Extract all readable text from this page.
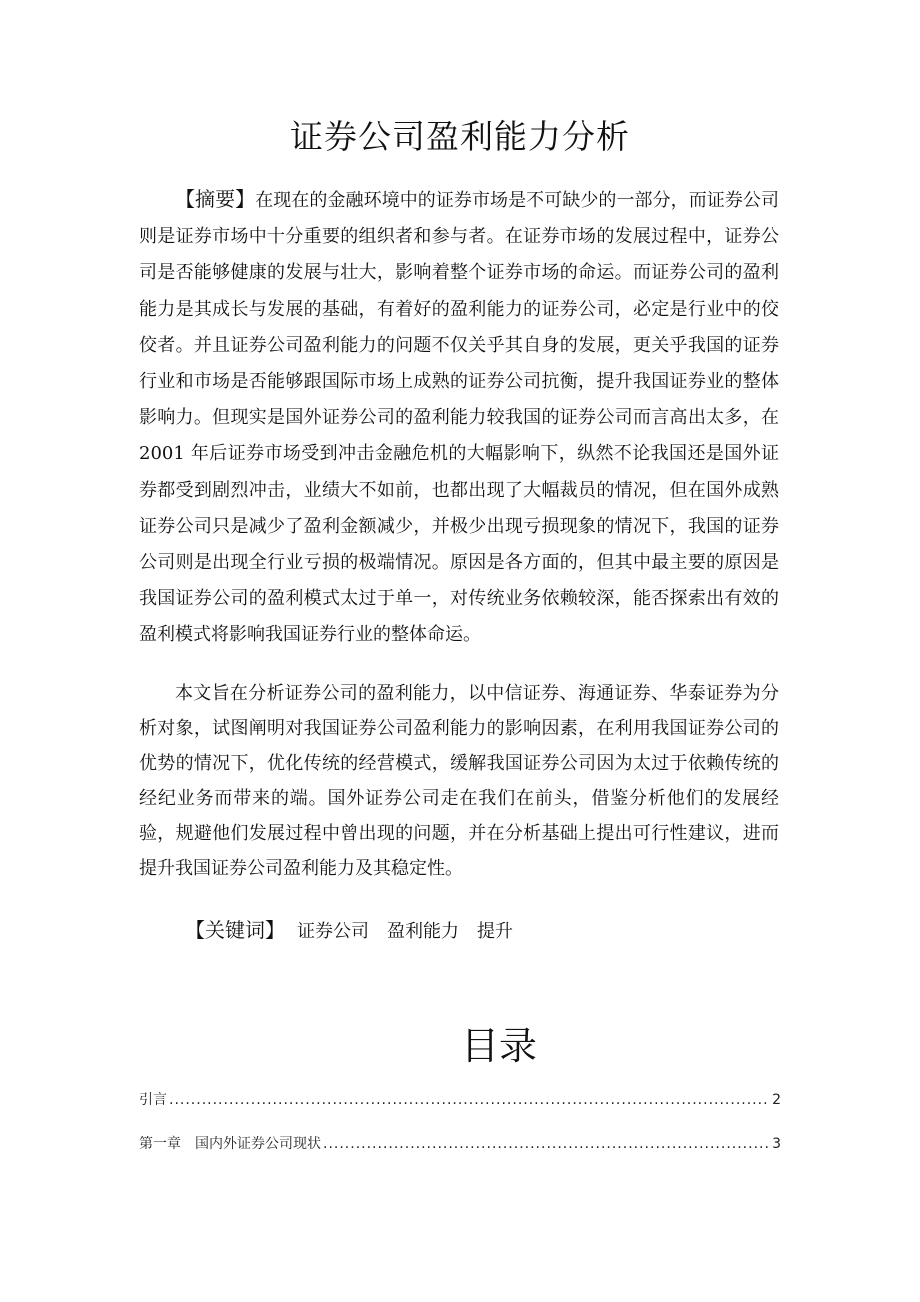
证券公司盈利能力分析

【摘要】在现在的金融环境中的证券市场是不可缺少的一部分，而证券公司则是证券市场中十分重要的组织者和参与者。在证券市场的发展过程中，证券公司是否能够健康的发展与壮大，影响着整个证券市场的命运。而证券公司的盈利能力是其成长与发展的基础，有着好的盈利能力的证券公司，必定是行业中的佼佼者。并且证券公司盈利能力的问题不仅关乎其自身的发展，更关乎我国的证券行业和市场是否能够跟国际市场上成熟的证券公司抗衡，提升我国证券业的整体影响力。但现实是国外证券公司的盈利能力较我国的证券公司而言高出太多，在 2001 年后证券市场受到冲击金融危机的大幅影响下，纵然不论我国还是国外证券都受到剧烈冲击，业绩大不如前，也都出现了大幅裁员的情况，但在国外成熟证券公司只是减少了盈利金额减少，并极少出现亏损现象的情况下，我国的证券公司则是出现全行业亏损的极端情况。原因是各方面的，但其中最主要的原因是我国证券公司的盈利模式太过于单一，对传统业务依赖较深，能否探索出有效的盈利模式将影响我国证券行业的整体命运。

本文旨在分析证券公司的盈利能力，以中信证券、海通证券、华泰证券为分析对象，试图阐明对我国证券公司盈利能力的影响因素，在利用我国证券公司的优势的情况下，优化传统的经营模式，缓解我国证券公司因为太过于依赖传统的经纪业务而带来的端。国外证券公司走在我们在前头，借鉴分析他们的发展经验，规避他们发展过程中曾出现的问题，并在分析基础上提出可行性建议，进而提升我国证券公司盈利能力及其稳定性。

【关键词】 证券公司 盈利能力 提升
目录
引言 .....	2
第一章　国内外证券公司现状 .....	3
